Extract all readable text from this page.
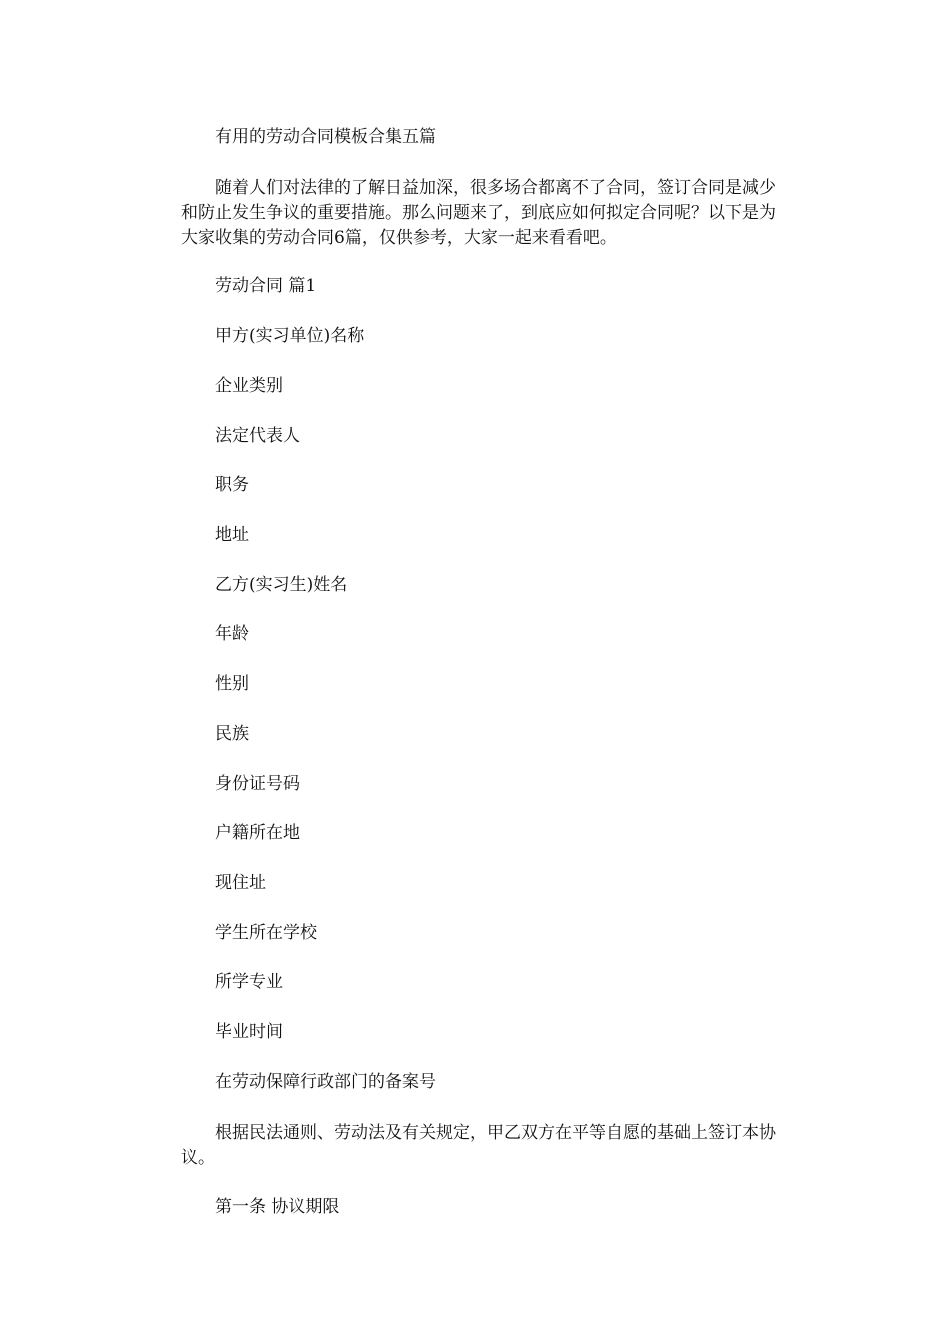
有用的劳动合同模板合集五篇
随着人们对法律的了解日益加深，很多场合都离不了合同，签订合同是减少
和防止发生争议的重要措施。那么问题来了，到底应如何拟定合同呢？以下是为
大家收集的劳动合同6篇，仅供参考，大家一起来看看吧。
劳动合同 篇1
甲方(实习单位)名称
企业类别
法定代表人
职务
地址
乙方(实习生)姓名
年龄
性别
民族
身份证号码
户籍所在地
现住址
学生所在学校
所学专业
毕业时间
在劳动保障行政部门的备案号
根据民法通则、劳动法及有关规定，甲乙双方在平等自愿的基础上签订本协
议。
第一条 协议期限
